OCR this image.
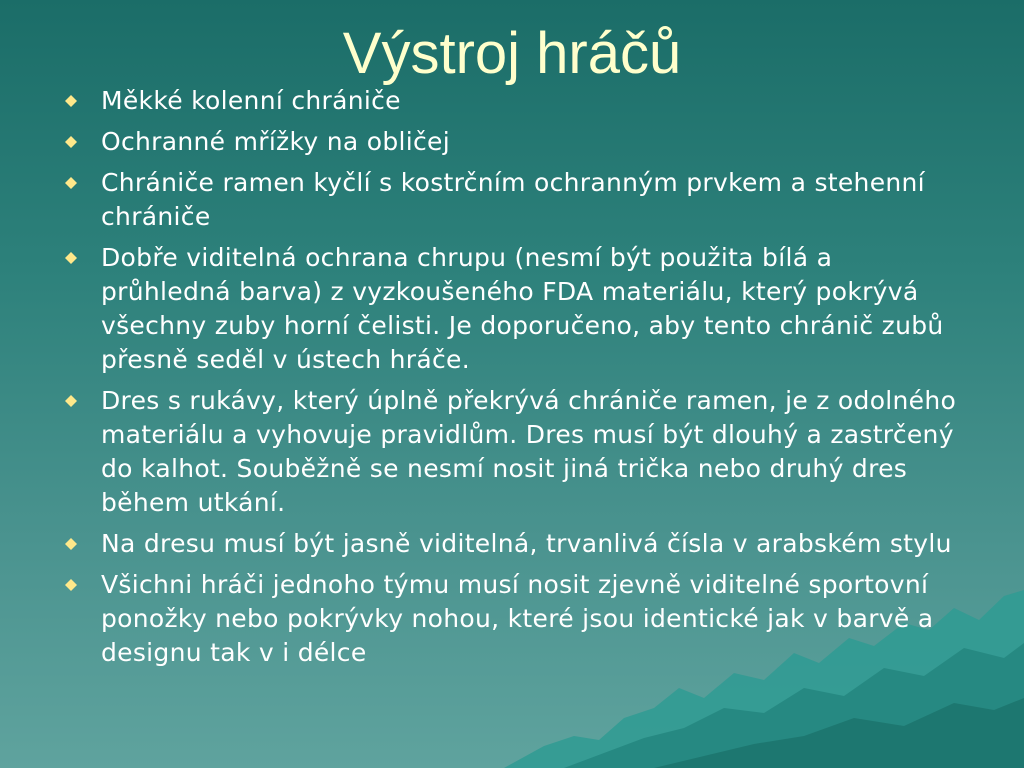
Výstroj hráčů
Měkké kolenní chrániče
Ochranné mřížky na obličej
Chrániče ramen kyčlí s kostrčním ochranným prvkem a stehenní chrániče
Dobře viditelná ochrana chrupu (nesmí být použita bílá a průhledná barva) z vyzkoušeného FDA materiálu, který pokrývá všechny zuby horní čelisti. Je doporučeno, aby tento chránič zubů přesně seděl v ústech hráče.
Dres s rukávy, který úplně překrývá chrániče ramen, je z odolného materiálu a vyhovuje pravidlům. Dres musí být dlouhý a zastrčený do kalhot. Souběžně se nesmí nosit jiná trička nebo druhý dres během utkání.
Na dresu musí být jasně viditelná, trvanlivá čísla v arabském stylu
Všichni hráči jednoho týmu musí nosit zjevně viditelné sportovní ponožky nebo pokrývky nohou, které jsou identické jak v barvě a designu tak v i délce
